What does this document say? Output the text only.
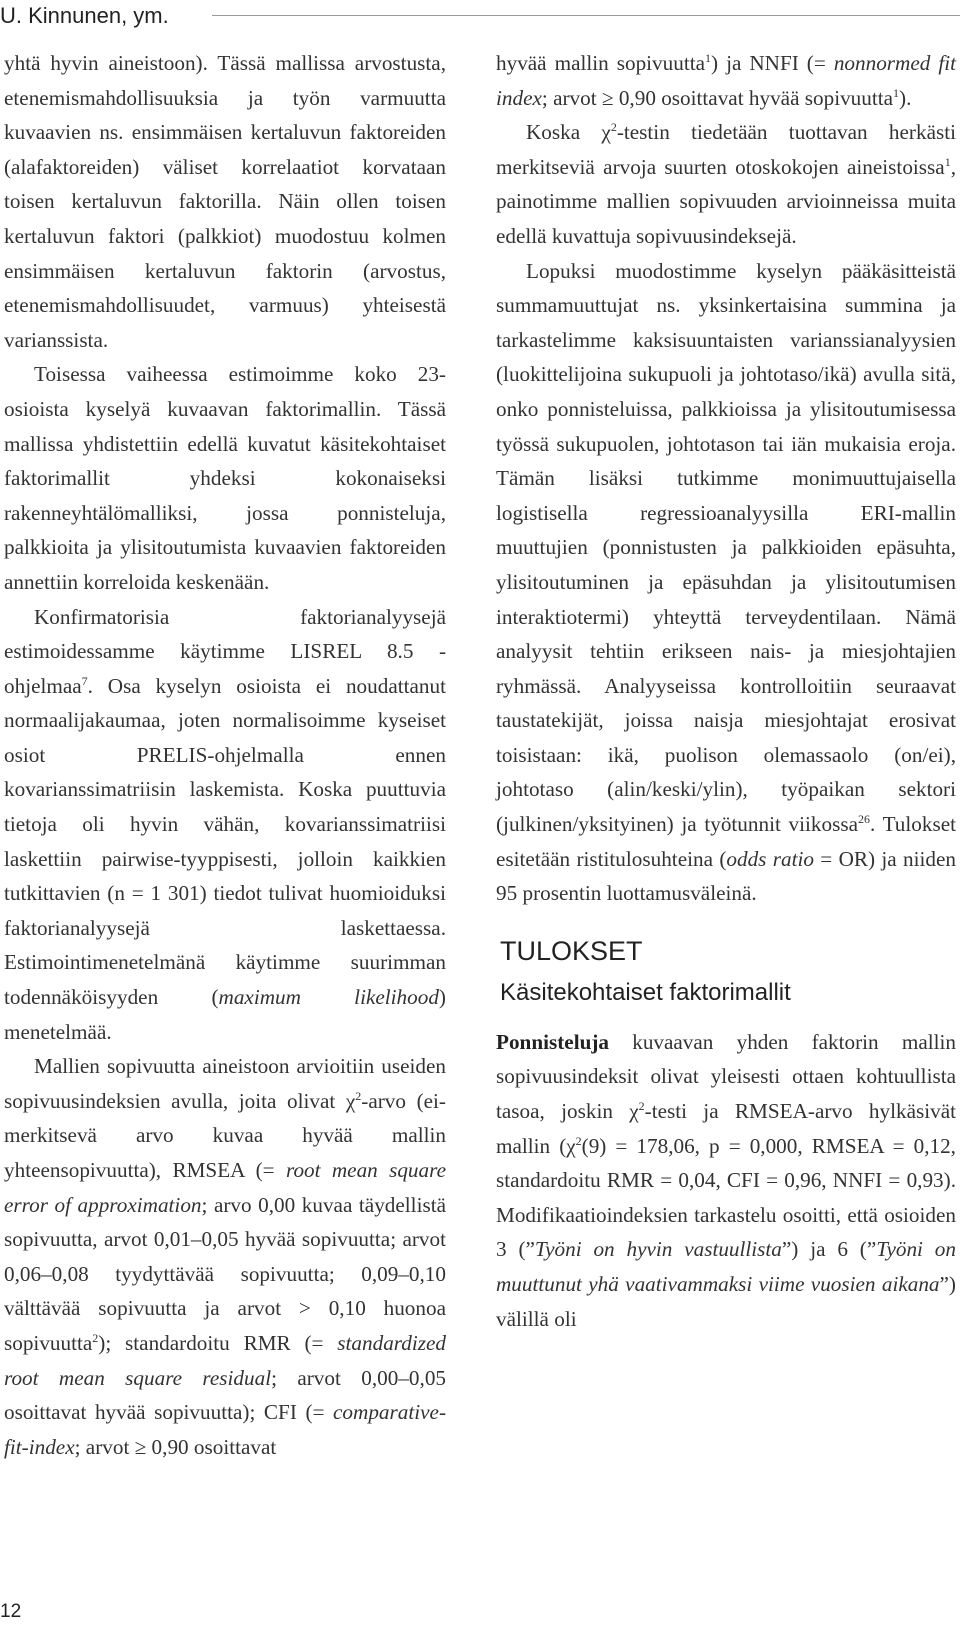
U. Kinnunen, ym.

yhtä hyvin aineistoon). Tässä mallissa arvostusta, etenemismahdollisuuksia ja työn varmuutta kuvaavien ns. ensimmäisen kertaluvun faktoreiden (alafaktoreiden) väliset korrelaatiot korvataan toisen kertaluvun faktorilla. Näin ollen toisen kertaluvun faktori (palkkiot) muodostuu kolmen ensimmäisen kertaluvun faktorin (arvostus, etenemismahdollisuudet, varmuus) yhteisestä varianssista.

Toisessa vaiheessa estimoimme koko 23-osioista kyselyä kuvaavan faktorimallin. Tässä mallissa yhdistettiin edellä kuvatut käsitekohtaiset faktorimallit yhdeksi kokonaiseksi rakenneyhtälömalliksi, jossa ponnisteluja, palkkioita ja ylisitoutumista kuvaavien faktoreiden annettiin korreloida keskenään.

Konfirmatorisia faktorianalyysejä estimoidessamme käytimme LISREL 8.5 -ohjelmaa$^7$. Osa kyselyn osioista ei noudattanut normaalijakaumaa, joten normalisoimme kyseiset osiot PRELIS-ohjelmalla ennen kovarianssimatriisin laskemista. Koska puuttuvia tietoja oli hyvin vähän, kovarianssimatriisi laskettiin pairwise-tyyppisesti, jolloin kaikkien tutkittavien (n = 1 301) tiedot tulivat huomioiduksi faktorianalyysejä laskettaessa. Estimointimenetelmänä käytimme suurimman todennäköisyyden (maximum likelihood) menetelmää.

Mallien sopivuutta aineistoon arvioitiin useiden sopivuusindeksien avulla, joita olivat $\chi^2$-arvo (ei-merkitsevä arvo kuvaa hyvää mallin yhteensopivuutta), RMSEA (= root mean square error of approximation; arvo 0,00 kuvaa täydellistä sopivuutta, arvot 0,01–0,05 hyvää sopivuutta; arvot 0,06–0,08 tyydyttävää sopivuutta; 0,09–0,10 välttävää sopivuutta ja arvot > 0,10 huonoa sopivuutta$^2$); standardoitu RMR (= standardized root mean square residual; arvot 0,00–0,05 osoittavat hyvää sopivuutta); CFI (= comparative-fit-index; arvot ≥ 0,90 osoittavat

hyvää mallin sopivuutta$^1$) ja NNFI (= nonnormed fit index; arvot ≥ 0,90 osoittavat hyvää sopivuutta$^1$).

Koska $\chi^2$-testin tiedetään tuottavan herkästi merkitseviä arvoja suurten otoskokojen aineistoissa$^1$, painotimme mallien sopivuuden arvioinneissa muita edellä kuvattuja sopivuusindeksejä.

Lopuksi muodostimme kyselyn pääkäsitteistä summamuuttujat ns. yksinkertaisina summina ja tarkastelimme kaksisuuntaisten varianssianalyysien (luokittelijoina sukupuoli ja johtotaso/ikä) avulla sitä, onko ponnisteluissa, palkkioissa ja ylisitoutumisessa työssä sukupuolen, johtotason tai iän mukaisia eroja. Tämän lisäksi tutkimme monimuuttujaisella logistisella regressioanalyysilla ERI-mallin muuttujien (ponnistusten ja palkkioiden epäsuhta, ylisitoutuminen ja epäsuhdan ja ylisitoutumisen interaktiotermi) yhteyttä terveydentilaan. Nämä analyysit tehtiin erikseen nais- ja miesjohtajien ryhmässä. Analyyseissa kontrolloitiin seuraavat taustatekijät, joissa naisja miesjohtajat erosivat toisistaan: ikä, puolison olemassaolo (on/ei), johtotaso (alin/keski/ylin), työpaikan sektori (julkinen/yksityinen) ja työtunnit viikossa$^{26}$. Tulokset esitetään ristitulosuhteina (odds ratio = OR) ja niiden 95 prosentin luottamusväleinä.

TULOKSET
Käsitekohtaiset faktorimallit

Ponnisteluja kuvaavan yhden faktorin mallin sopivuusindeksit olivat yleisesti ottaen kohtuullista tasoa, joskin $\chi^2$-testi ja RMSEA-arvo hylkäsivät mallin ($\chi^2(9) = 178,06$, p = 0,000, RMSEA = 0,12, standardoitu RMR = 0,04, CFI = 0,96, NNFI = 0,93). Modifikaatioindeksien tarkastelu osoitti, että osioiden 3 (”Työni on hyvin vastuullista”) ja 6 (”Työni on muuttunut yhä vaativammaksi viime vuosien aikana”) välillä oli

12
